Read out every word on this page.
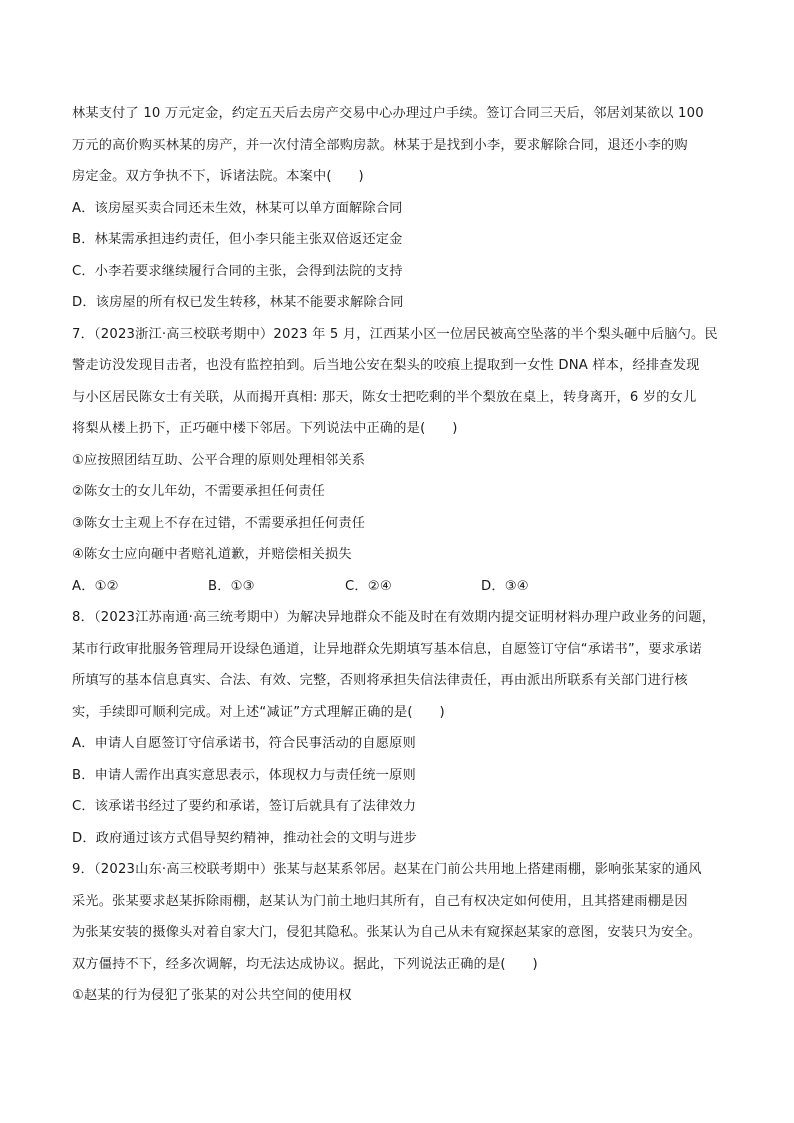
林某支付了 10 万元定金，约定五天后去房产交易中心办理过户手续。签订合同三天后，邻居刘某欲以 100
万元的高价购买林某的房产，并一次付清全部购房款。林某于是找到小李，要求解除合同，退还小李的购
房定金。双方争执不下，诉诸法院。本案中(　　)
A．该房屋买卖合同还未生效，林某可以单方面解除合同
B．林某需承担违约责任，但小李只能主张双倍返还定金
C．小李若要求继续履行合同的主张，会得到法院的支持
D．该房屋的所有权已发生转移，林某不能要求解除合同
7．（2023浙江·高三校联考期中）2023 年 5 月，江西某小区一位居民被高空坠落的半个梨头砸中后脑勺。民
警走访没发现目击者，也没有监控拍到。后当地公安在梨头的咬痕上提取到一女性 DNA 样本，经排查发现
与小区居民陈女士有关联，从而揭开真相: 那天，陈女士把吃剩的半个梨放在桌上，转身离开，6 岁的女儿
将梨从楼上扔下，正巧砸中楼下邻居。下列说法中正确的是(　　)
①应按照团结互助、公平合理的原则处理相邻关系
②陈女士的女儿年幼，不需要承担任何责任
③陈女士主观上不存在过错，不需要承担任何责任
④陈女士应向砸中者赔礼道歉，并赔偿相关损失
A．①②	B．①③	C．②④	D．③④
8．（2023江苏南通·高三统考期中）为解决异地群众不能及时在有效期内提交证明材料办理户政业务的问题，
某市行政审批服务管理局开设绿色通道，让异地群众先期填写基本信息，自愿签订守信“承诺书”，要求承诺
所填写的基本信息真实、合法、有效、完整，否则将承担失信法律责任，再由派出所联系有关部门进行核
实，手续即可顺利完成。对上述“减证”方式理解正确的是(　　)
A．申请人自愿签订守信承诺书，符合民事活动的自愿原则
B．申请人需作出真实意思表示，体现权力与责任统一原则
C．该承诺书经过了要约和承诺，签订后就具有了法律效力
D．政府通过该方式倡导契约精神，推动社会的文明与进步
9．（2023山东·高三校联考期中）张某与赵某系邻居。赵某在门前公共用地上搭建雨棚，影响张某家的通风
采光。张某要求赵某拆除雨棚，赵某认为门前土地归其所有，自己有权决定如何使用，且其搭建雨棚是因
为张某安装的摄像头对着自家大门，侵犯其隐私。张某认为自己从未有窥探赵某家的意图，安装只为安全。
双方僵持不下，经多次调解，均无法达成协议。据此，下列说法正确的是(　　)
①赵某的行为侵犯了张某的对公共空间的使用权
